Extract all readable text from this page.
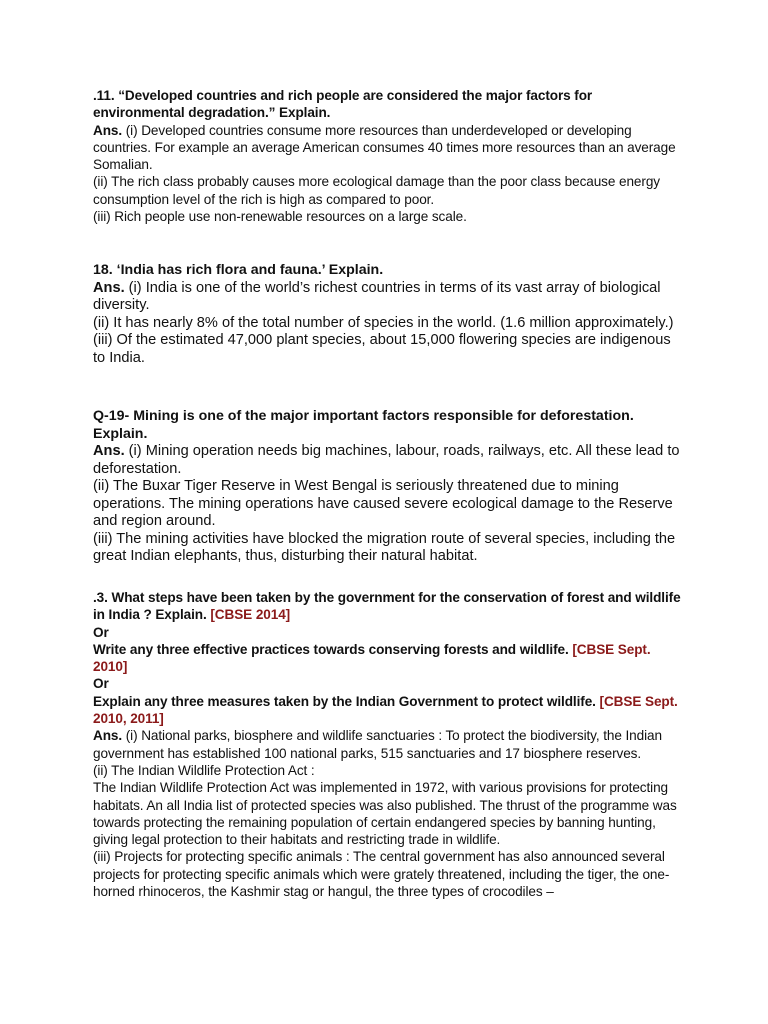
.11. “Developed countries and rich people are considered the major factors for environmental degradation.” Explain.

Ans. (i) Developed countries consume more resources than underdeveloped or developing countries. For example an average American consumes 40 times more resources than an average Somalian.

(ii) The rich class probably causes more ecological damage than the poor class because energy consumption level of the rich is high as compared to poor.

(iii) Rich people use non-renewable resources on a large scale.

18. ‘India has rich flora and fauna.’ Explain.

Ans. (i) India is one of the world’s richest countries in terms of its vast array of biological diversity.

(ii) It has nearly 8% of the total number of species in the world. (1.6 million approximately.)

(iii) Of the estimated 47,000 plant species, about 15,000 flowering species are indigenous to India.

Q-19- Mining is one of the major important factors responsible for deforestation. Explain.

Ans. (i) Mining operation needs big machines, labour, roads, railways, etc. All these lead to deforestation.

(ii) The Buxar Tiger Reserve in West Bengal is seriously threatened due to mining operations. The mining operations have caused severe ecological damage to the Reserve and region around.

(iii) The mining activities have blocked the migration route of several species, including the great Indian elephants, thus, disturbing their natural habitat.

.3. What steps have been taken by the government for the conservation of forest and wildlife in India ? Explain. [CBSE 2014]

Or

Write any three effective practices towards conserving forests and wildlife. [CBSE Sept. 2010]

Or

Explain any three measures taken by the Indian Government to protect wildlife. [CBSE Sept. 2010, 2011]

Ans. (i) National parks, biosphere and wildlife sanctuaries : To protect the biodiversity, the Indian government has established 100 national parks, 515 sanctuaries and 17 biosphere reserves.

(ii) The Indian Wildlife Protection Act :

The Indian Wildlife Protection Act was implemented in 1972, with various provisions for protecting habitats. An all India list of protected species was also published. The thrust of the programme was towards protecting the remaining population of certain endangered species by banning hunting, giving legal protection to their habitats and restricting trade in wildlife.

(iii) Projects for protecting specific animals : The central government has also announced several projects for protecting specific animals which were grately threatened, including the tiger, the one-horned rhinoceros, the Kashmir stag or hangul, the three types of crocodiles –
